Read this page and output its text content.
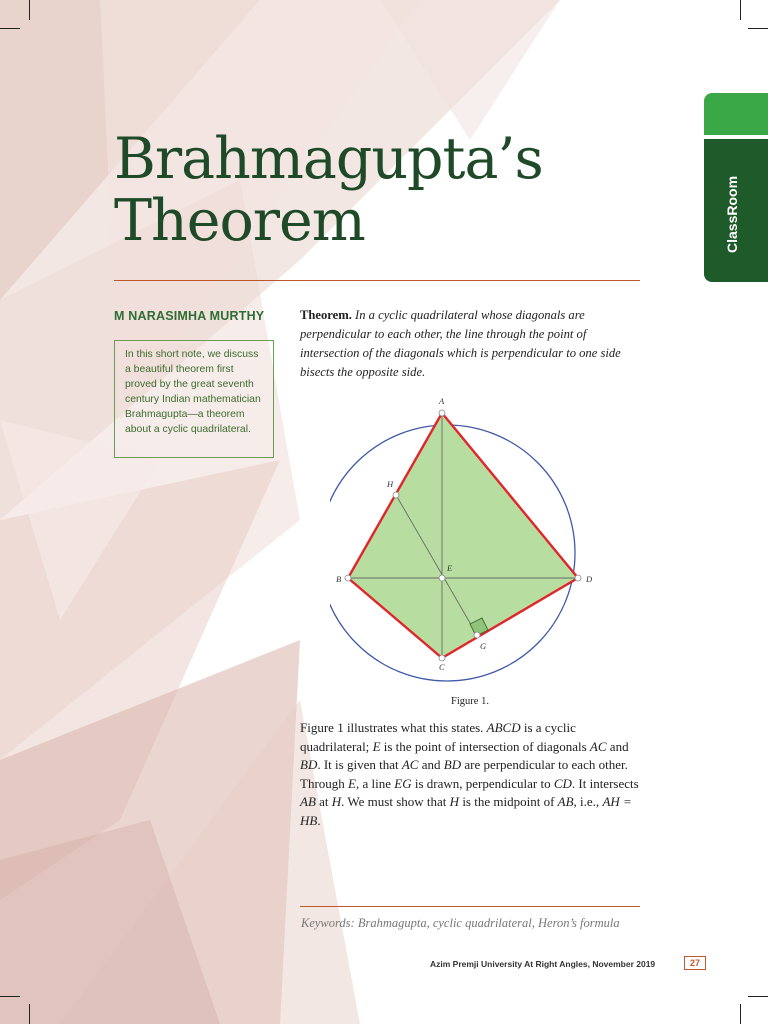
ClassRoom
Brahmagupta’s
Theorem
M NARASIMHA MURTHY
In this short note, we discuss a beautiful theorem first proved by the great seventh century Indian mathematician Brahmagupta—a theorem about a cyclic quadrilateral.
Theorem. In a cyclic quadrilateral whose diagonals are perpendicular to each other, the line through the point of intersection of the diagonals which is perpendicular to one side bisects the opposite side.
A
B
C
D
E
G
H
Figure 1.
Figure 1 illustrates what this states. ABCD is a cyclic quadrilateral; E is the point of intersection of diagonals AC and BD. It is given that AC and BD are perpendicular to each other. Through E, a line EG is drawn, perpendicular to CD. It intersects AB at H. We must show that H is the midpoint of AB, i.e., AH = HB.
Keywords: Brahmagupta, cyclic quadrilateral, Heron’s formula
Azim Premji University At Right Angles, November 2019	27
